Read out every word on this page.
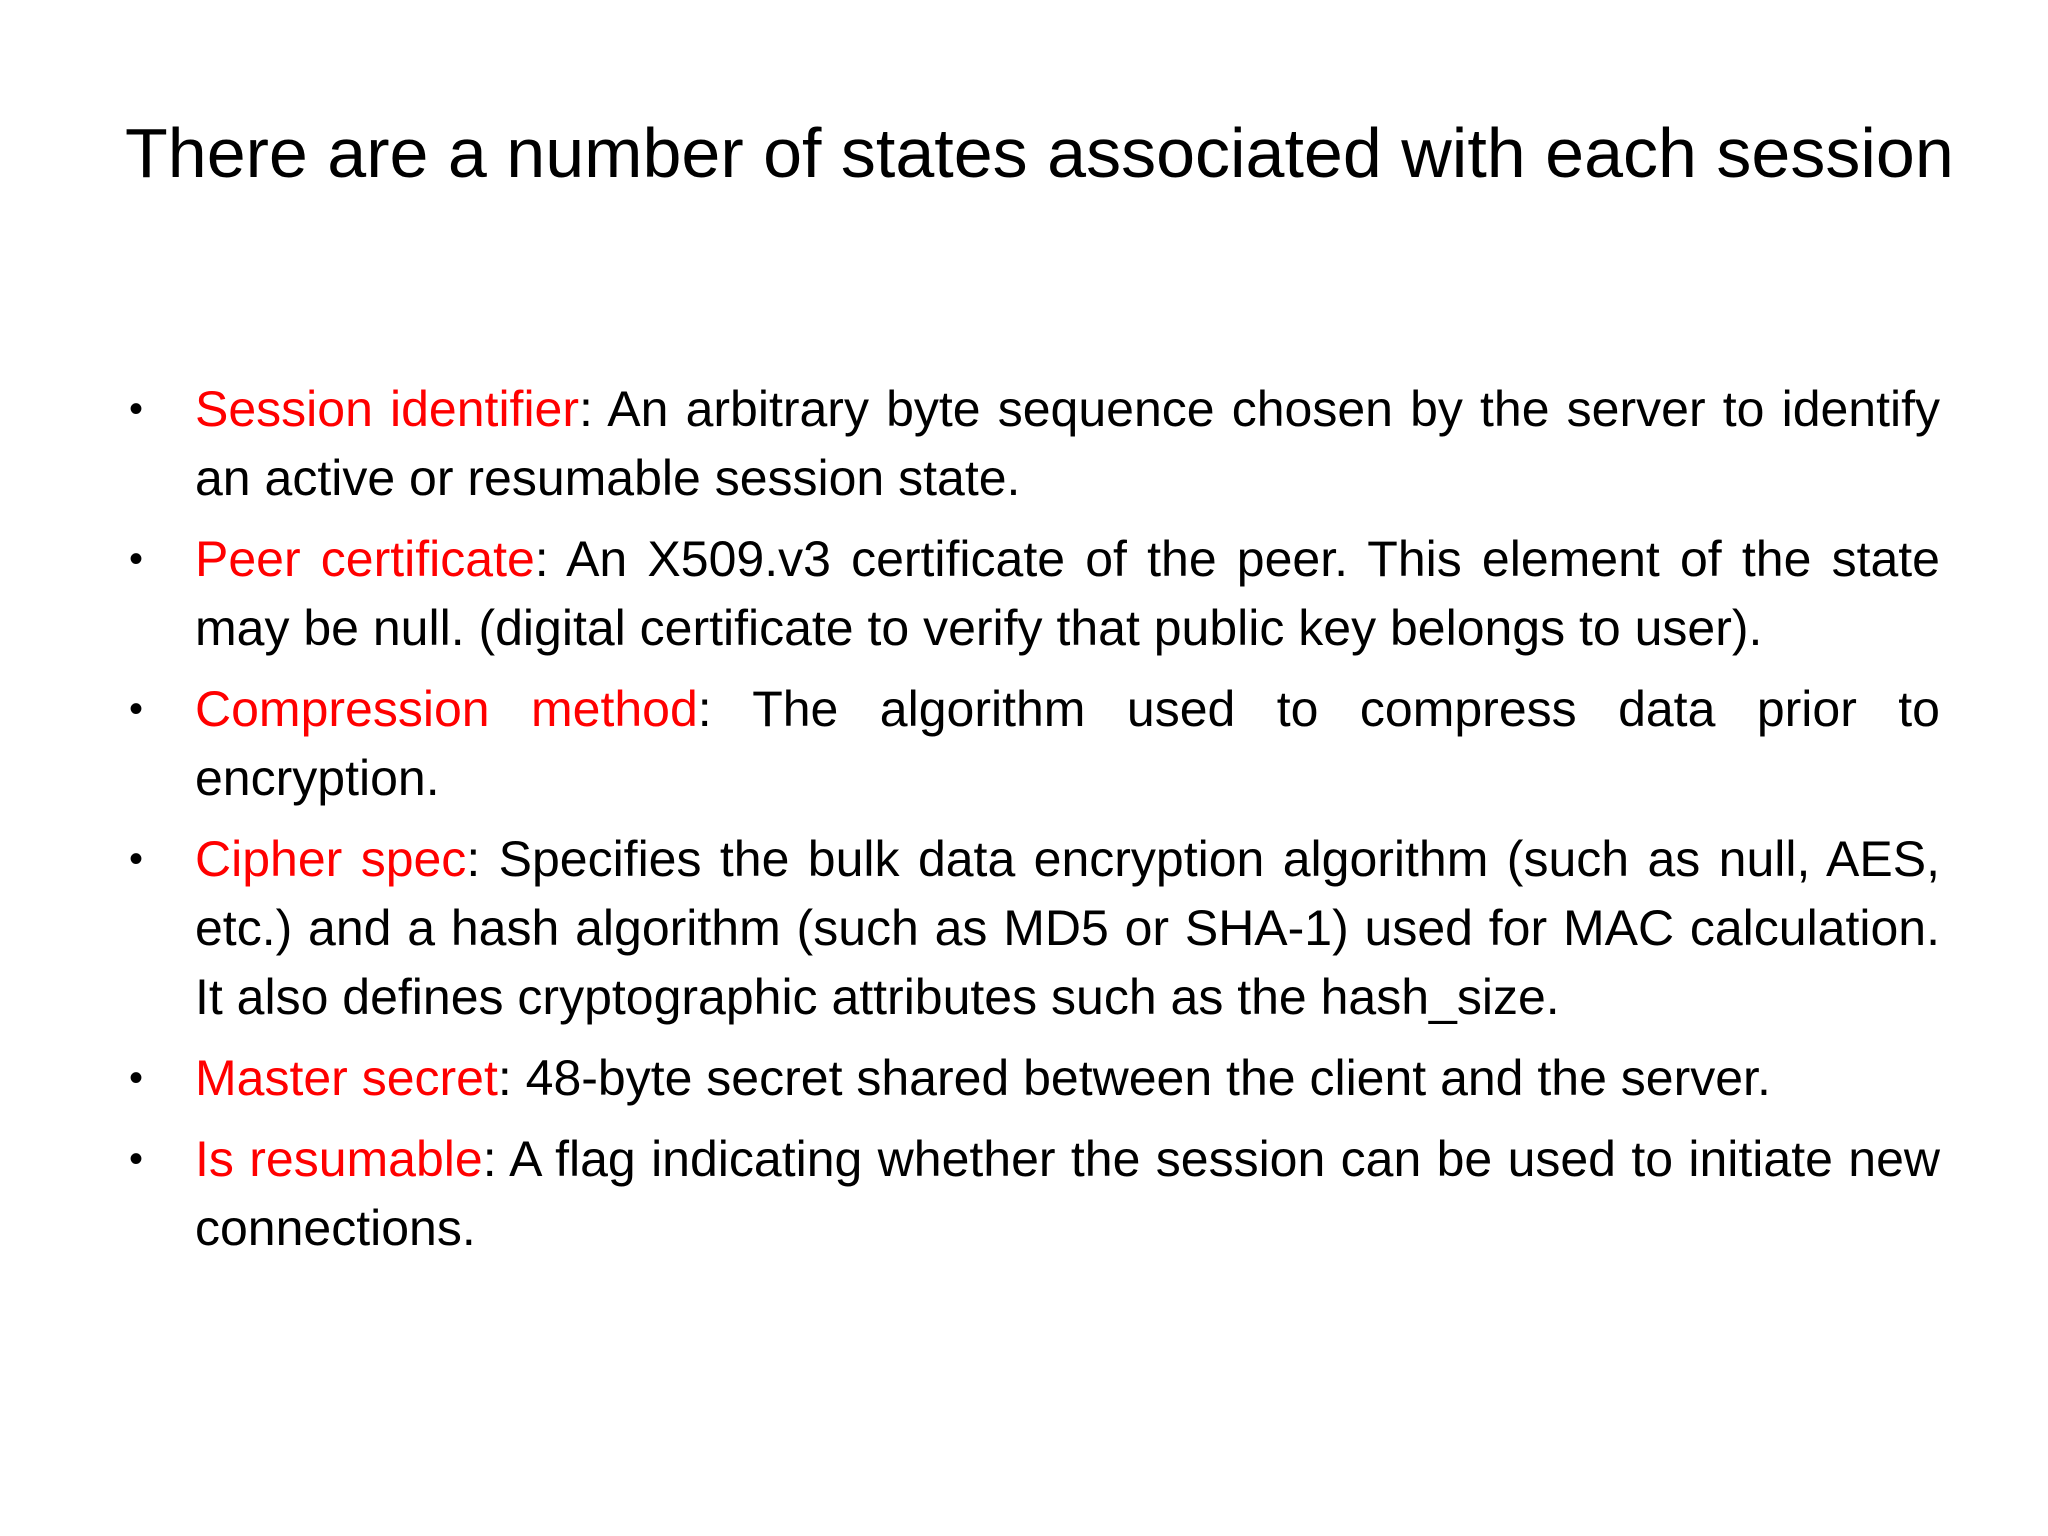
There are a number of states associated with each session
• Session identifier: An arbitrary byte sequence chosen by the server to identify an active or resumable session state.
• Peer certificate: An X509.v3 certificate of the peer. This element of the state may be null. (digital certificate to verify that public key belongs to user).
• Compression method: The algorithm used to compress data prior to encryption.
• Cipher spec: Specifies the bulk data encryption algorithm (such as null, AES, etc.) and a hash algorithm (such as MD5 or SHA-1) used for MAC calculation. It also defines cryptographic attributes such as the hash_size.
• Master secret: 48-byte secret shared between the client and the server.
• Is resumable: A flag indicating whether the session can be used to initiate new connections.
